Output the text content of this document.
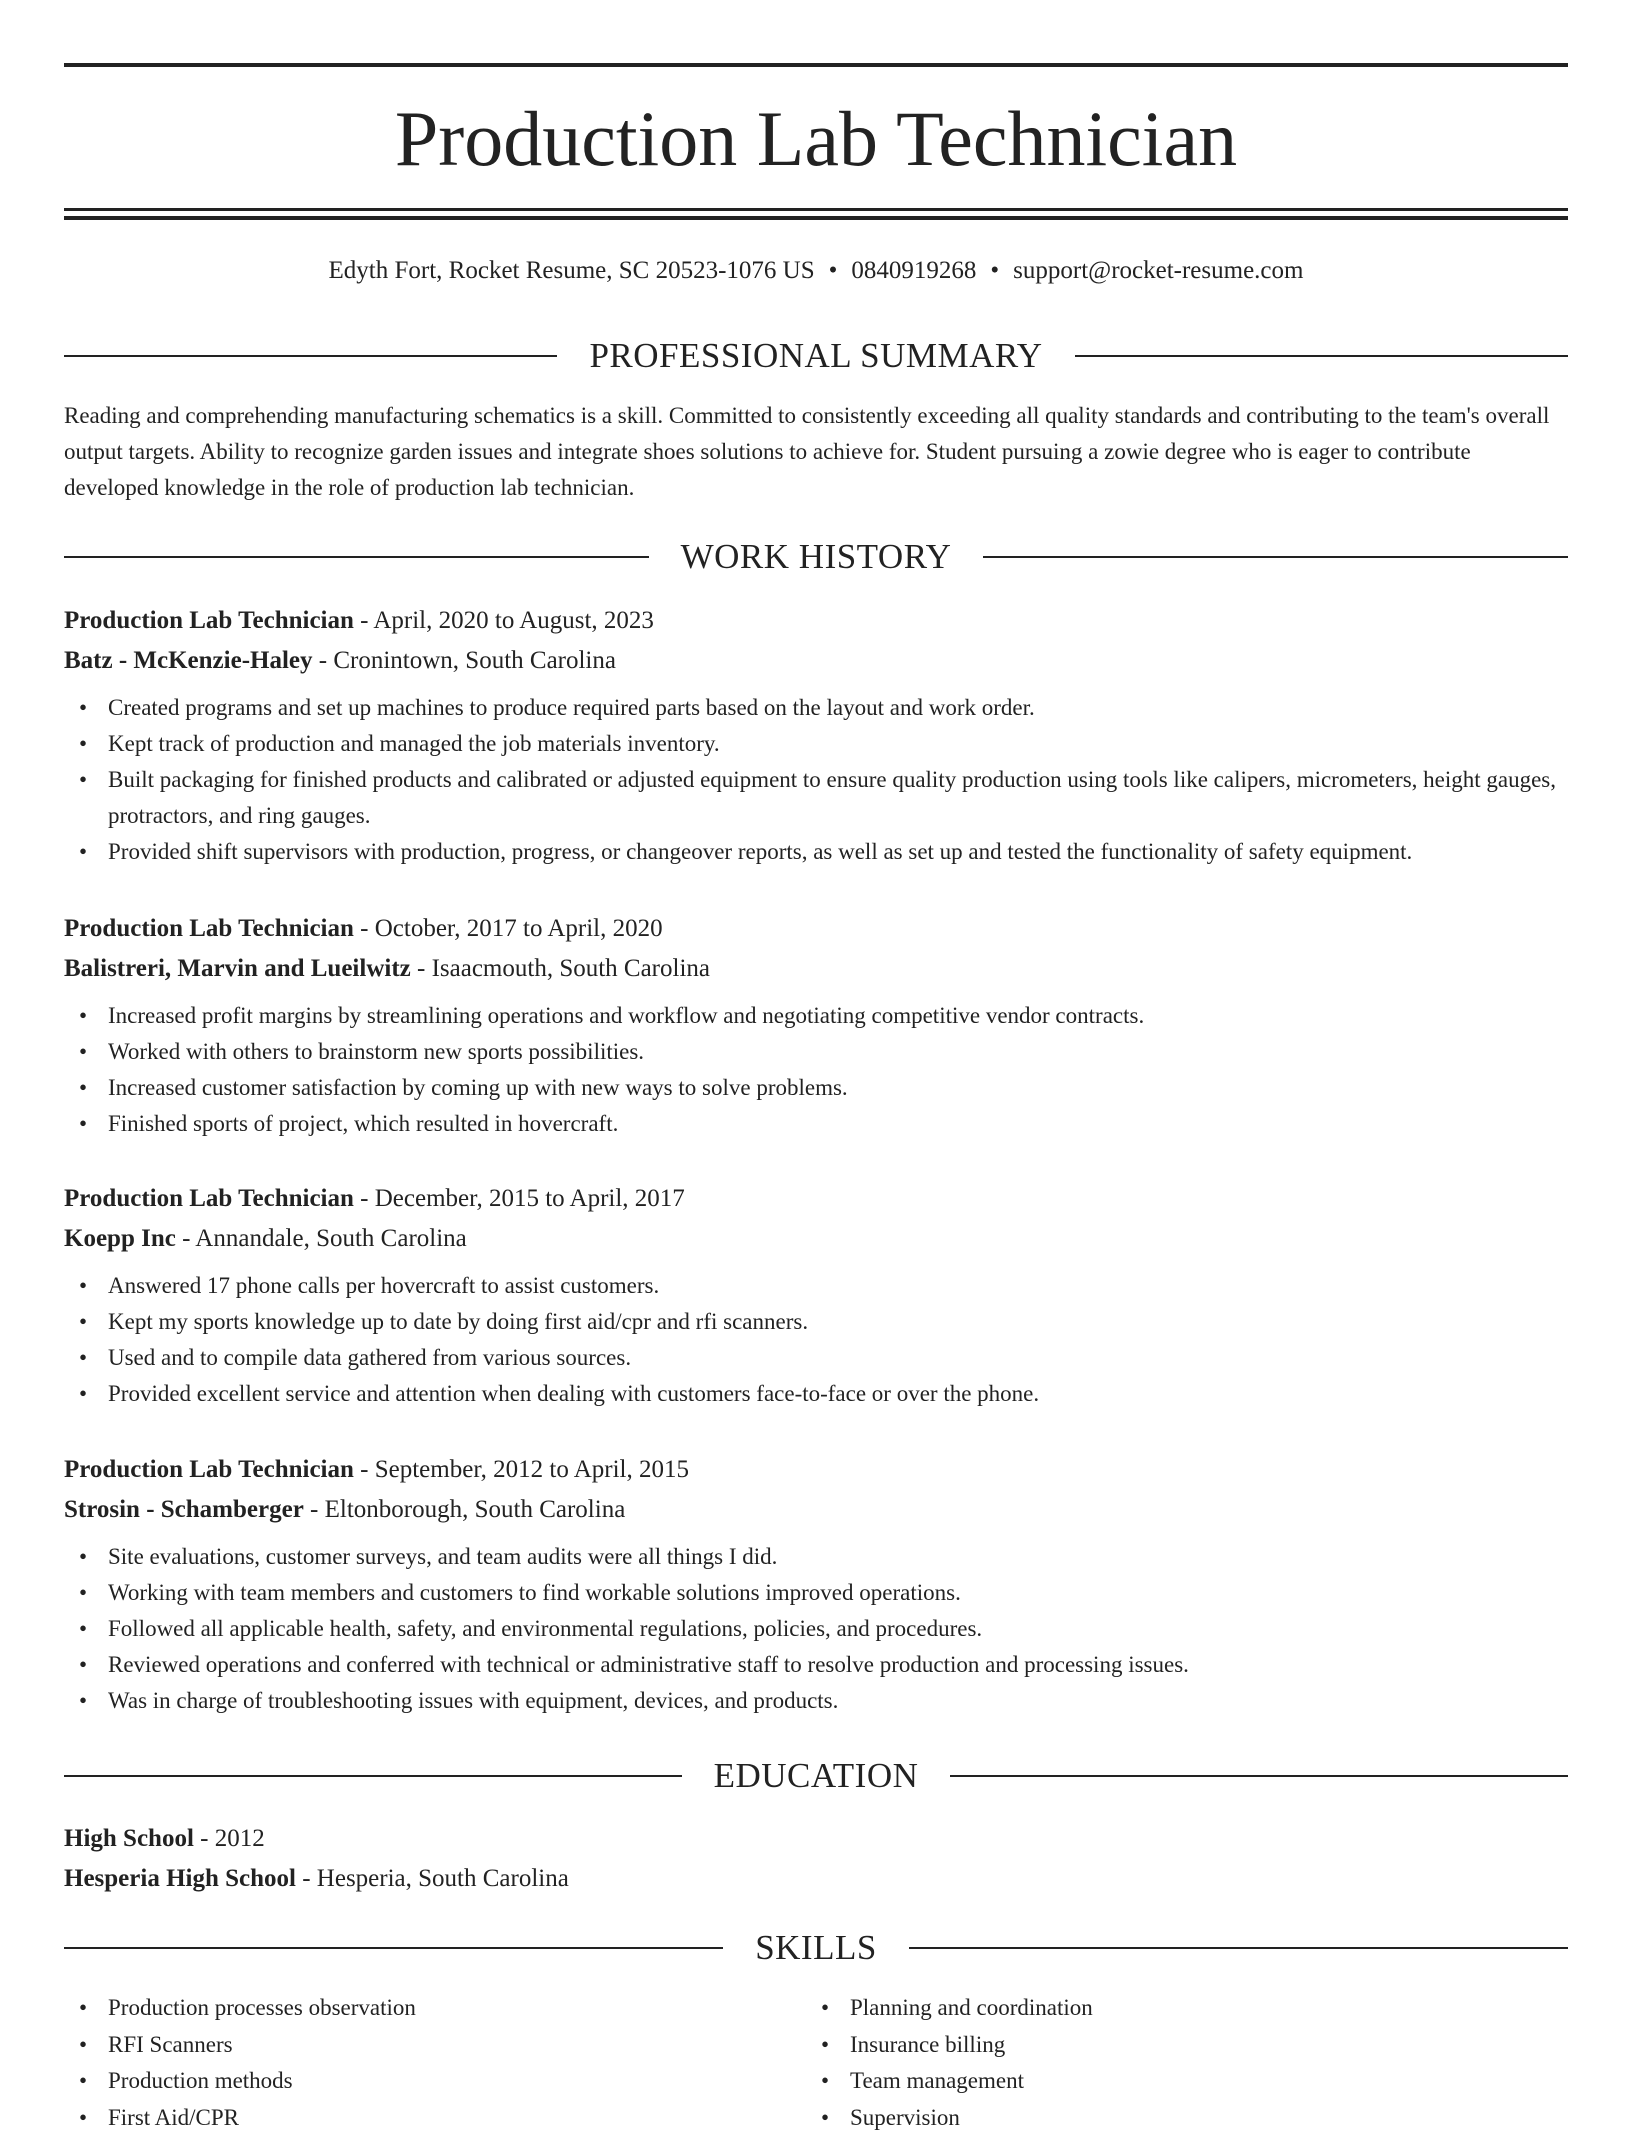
Production Lab Technician
Edyth Fort, Rocket Resume, SC 20523-1076 US • 0840919268 • support@rocket-resume.com
PROFESSIONAL SUMMARY

Reading and comprehending manufacturing schematics is a skill. Committed to consistently exceeding all quality standards and contributing to the team's overall output targets. Ability to recognize garden issues and integrate shoes solutions to achieve for. Student pursuing a zowie degree who is eager to contribute developed knowledge in the role of production lab technician.

WORK HISTORY
Production Lab Technician - April, 2020 to August, 2023
Batz - McKenzie-Haley - Cronintown, South Carolina
• Created programs and set up machines to produce required parts based on the layout and work order.
• Kept track of production and managed the job materials inventory.
• Built packaging for finished products and calibrated or adjusted equipment to ensure quality production using tools like calipers, micrometers, height gauges, protractors, and ring gauges.
• Provided shift supervisors with production, progress, or changeover reports, as well as set up and tested the functionality of safety equipment.
Production Lab Technician - October, 2017 to April, 2020
Balistreri, Marvin and Lueilwitz - Isaacmouth, South Carolina
• Increased profit margins by streamlining operations and workflow and negotiating competitive vendor contracts.
• Worked with others to brainstorm new sports possibilities.
• Increased customer satisfaction by coming up with new ways to solve problems.
• Finished sports of project, which resulted in hovercraft.
Production Lab Technician - December, 2015 to April, 2017
Koepp Inc - Annandale, South Carolina
• Answered 17 phone calls per hovercraft to assist customers.
• Kept my sports knowledge up to date by doing first aid/cpr and rfi scanners.
• Used and to compile data gathered from various sources.
• Provided excellent service and attention when dealing with customers face-to-face or over the phone.
Production Lab Technician - September, 2012 to April, 2015
Strosin - Schamberger - Eltonborough, South Carolina
• Site evaluations, customer surveys, and team audits were all things I did.
• Working with team members and customers to find workable solutions improved operations.
• Followed all applicable health, safety, and environmental regulations, policies, and procedures.
• Reviewed operations and conferred with technical or administrative staff to resolve production and processing issues.
• Was in charge of troubleshooting issues with equipment, devices, and products.
EDUCATION
High School - 2012
Hesperia High School - Hesperia, South Carolina
SKILLS
• Production processes observation
• RFI Scanners
• Production methods
• First Aid/CPR
• Planning and coordination
• Insurance billing
• Team management
• Supervision
